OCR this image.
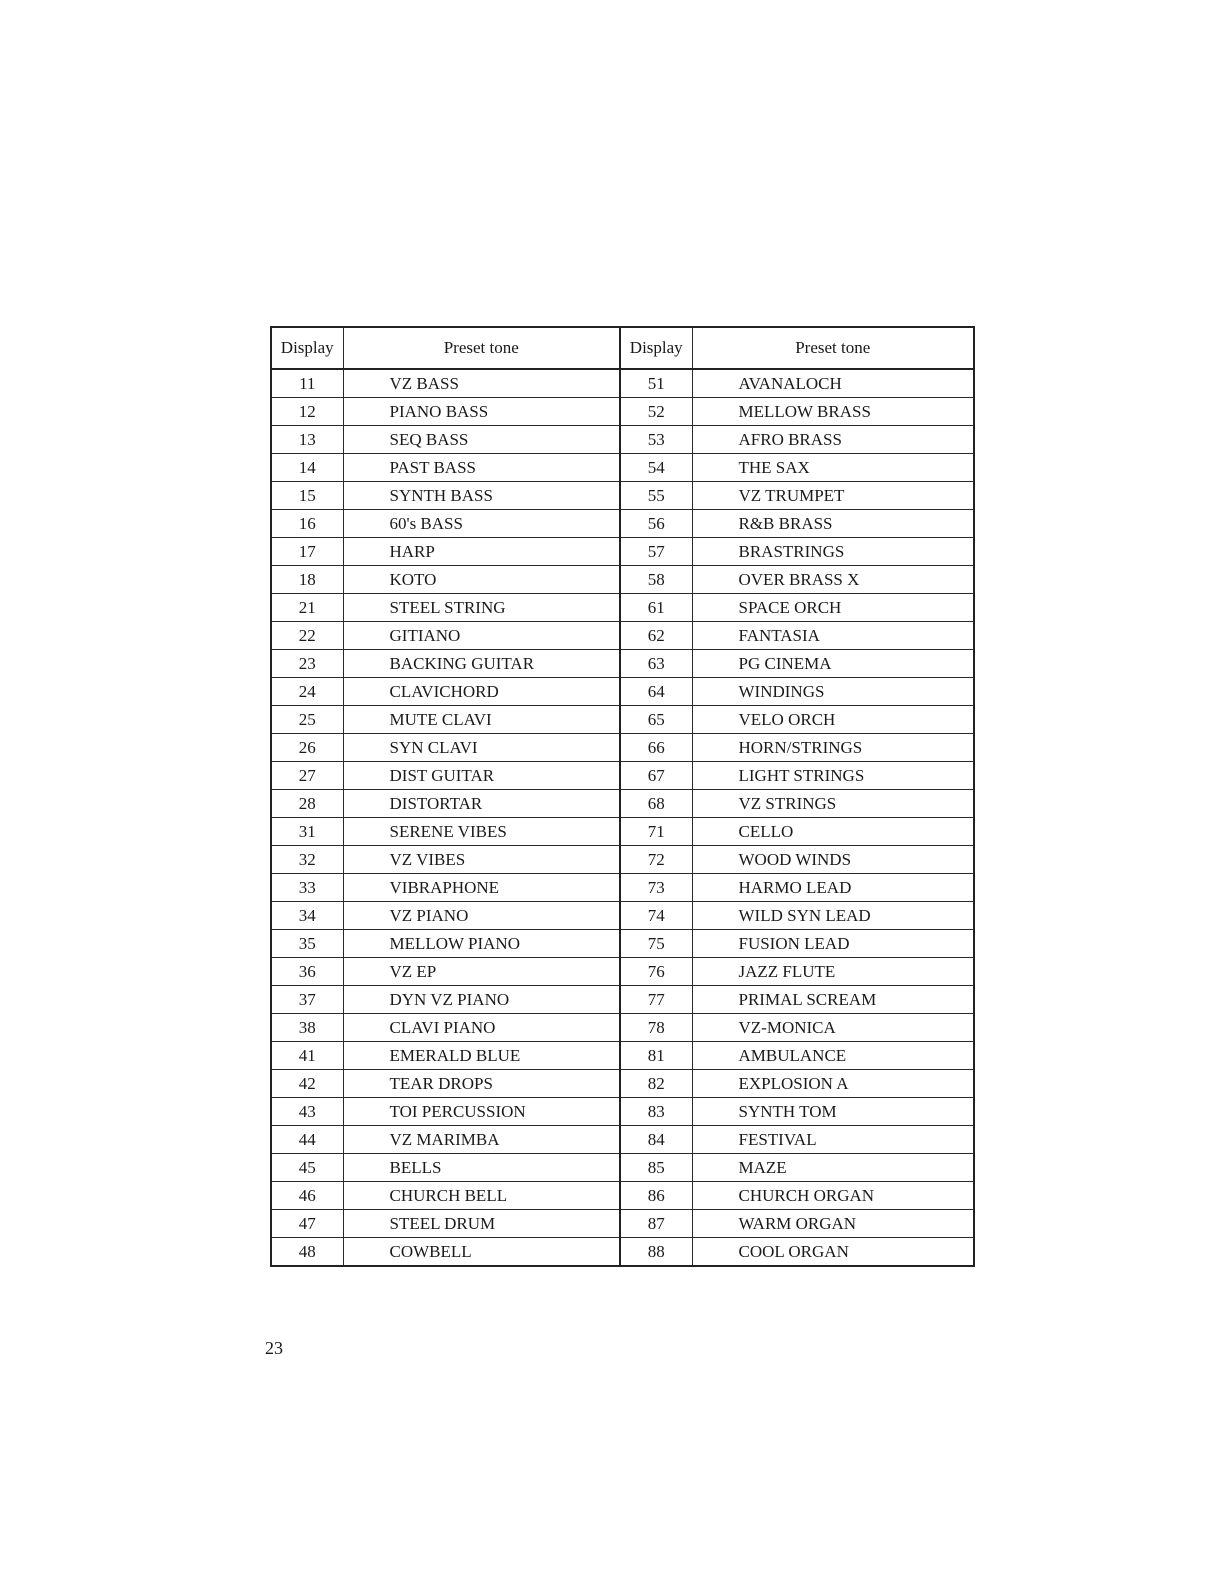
Display	Preset tone	Display	Preset tone
11	VZ BASS	51	AVANALOCH
12	PIANO BASS	52	MELLOW BRASS
13	SEQ BASS	53	AFRO BRASS
14	PAST BASS	54	THE SAX
15	SYNTH BASS	55	VZ TRUMPET
16	60's BASS	56	R&B BRASS
17	HARP	57	BRASTRINGS
18	KOTO	58	OVER BRASS X
21	STEEL STRING	61	SPACE ORCH
22	GITIANO	62	FANTASIA
23	BACKING GUITAR	63	PG CINEMA
24	CLAVICHORD	64	WINDINGS
25	MUTE CLAVI	65	VELO ORCH
26	SYN CLAVI	66	HORN/STRINGS
27	DIST GUITAR	67	LIGHT STRINGS
28	DISTORTAR	68	VZ STRINGS
31	SERENE VIBES	71	CELLO
32	VZ VIBES	72	WOOD WINDS
33	VIBRAPHONE	73	HARMO LEAD
34	VZ PIANO	74	WILD SYN LEAD
35	MELLOW PIANO	75	FUSION LEAD
36	VZ EP	76	JAZZ FLUTE
37	DYN VZ PIANO	77	PRIMAL SCREAM
38	CLAVI PIANO	78	VZ-MONICA
41	EMERALD BLUE	81	AMBULANCE
42	TEAR DROPS	82	EXPLOSION A
43	TOI PERCUSSION	83	SYNTH TOM
44	VZ MARIMBA	84	FESTIVAL
45	BELLS	85	MAZE
46	CHURCH BELL	86	CHURCH ORGAN
47	STEEL DRUM	87	WARM ORGAN
48	COWBELL	88	COOL ORGAN
23
